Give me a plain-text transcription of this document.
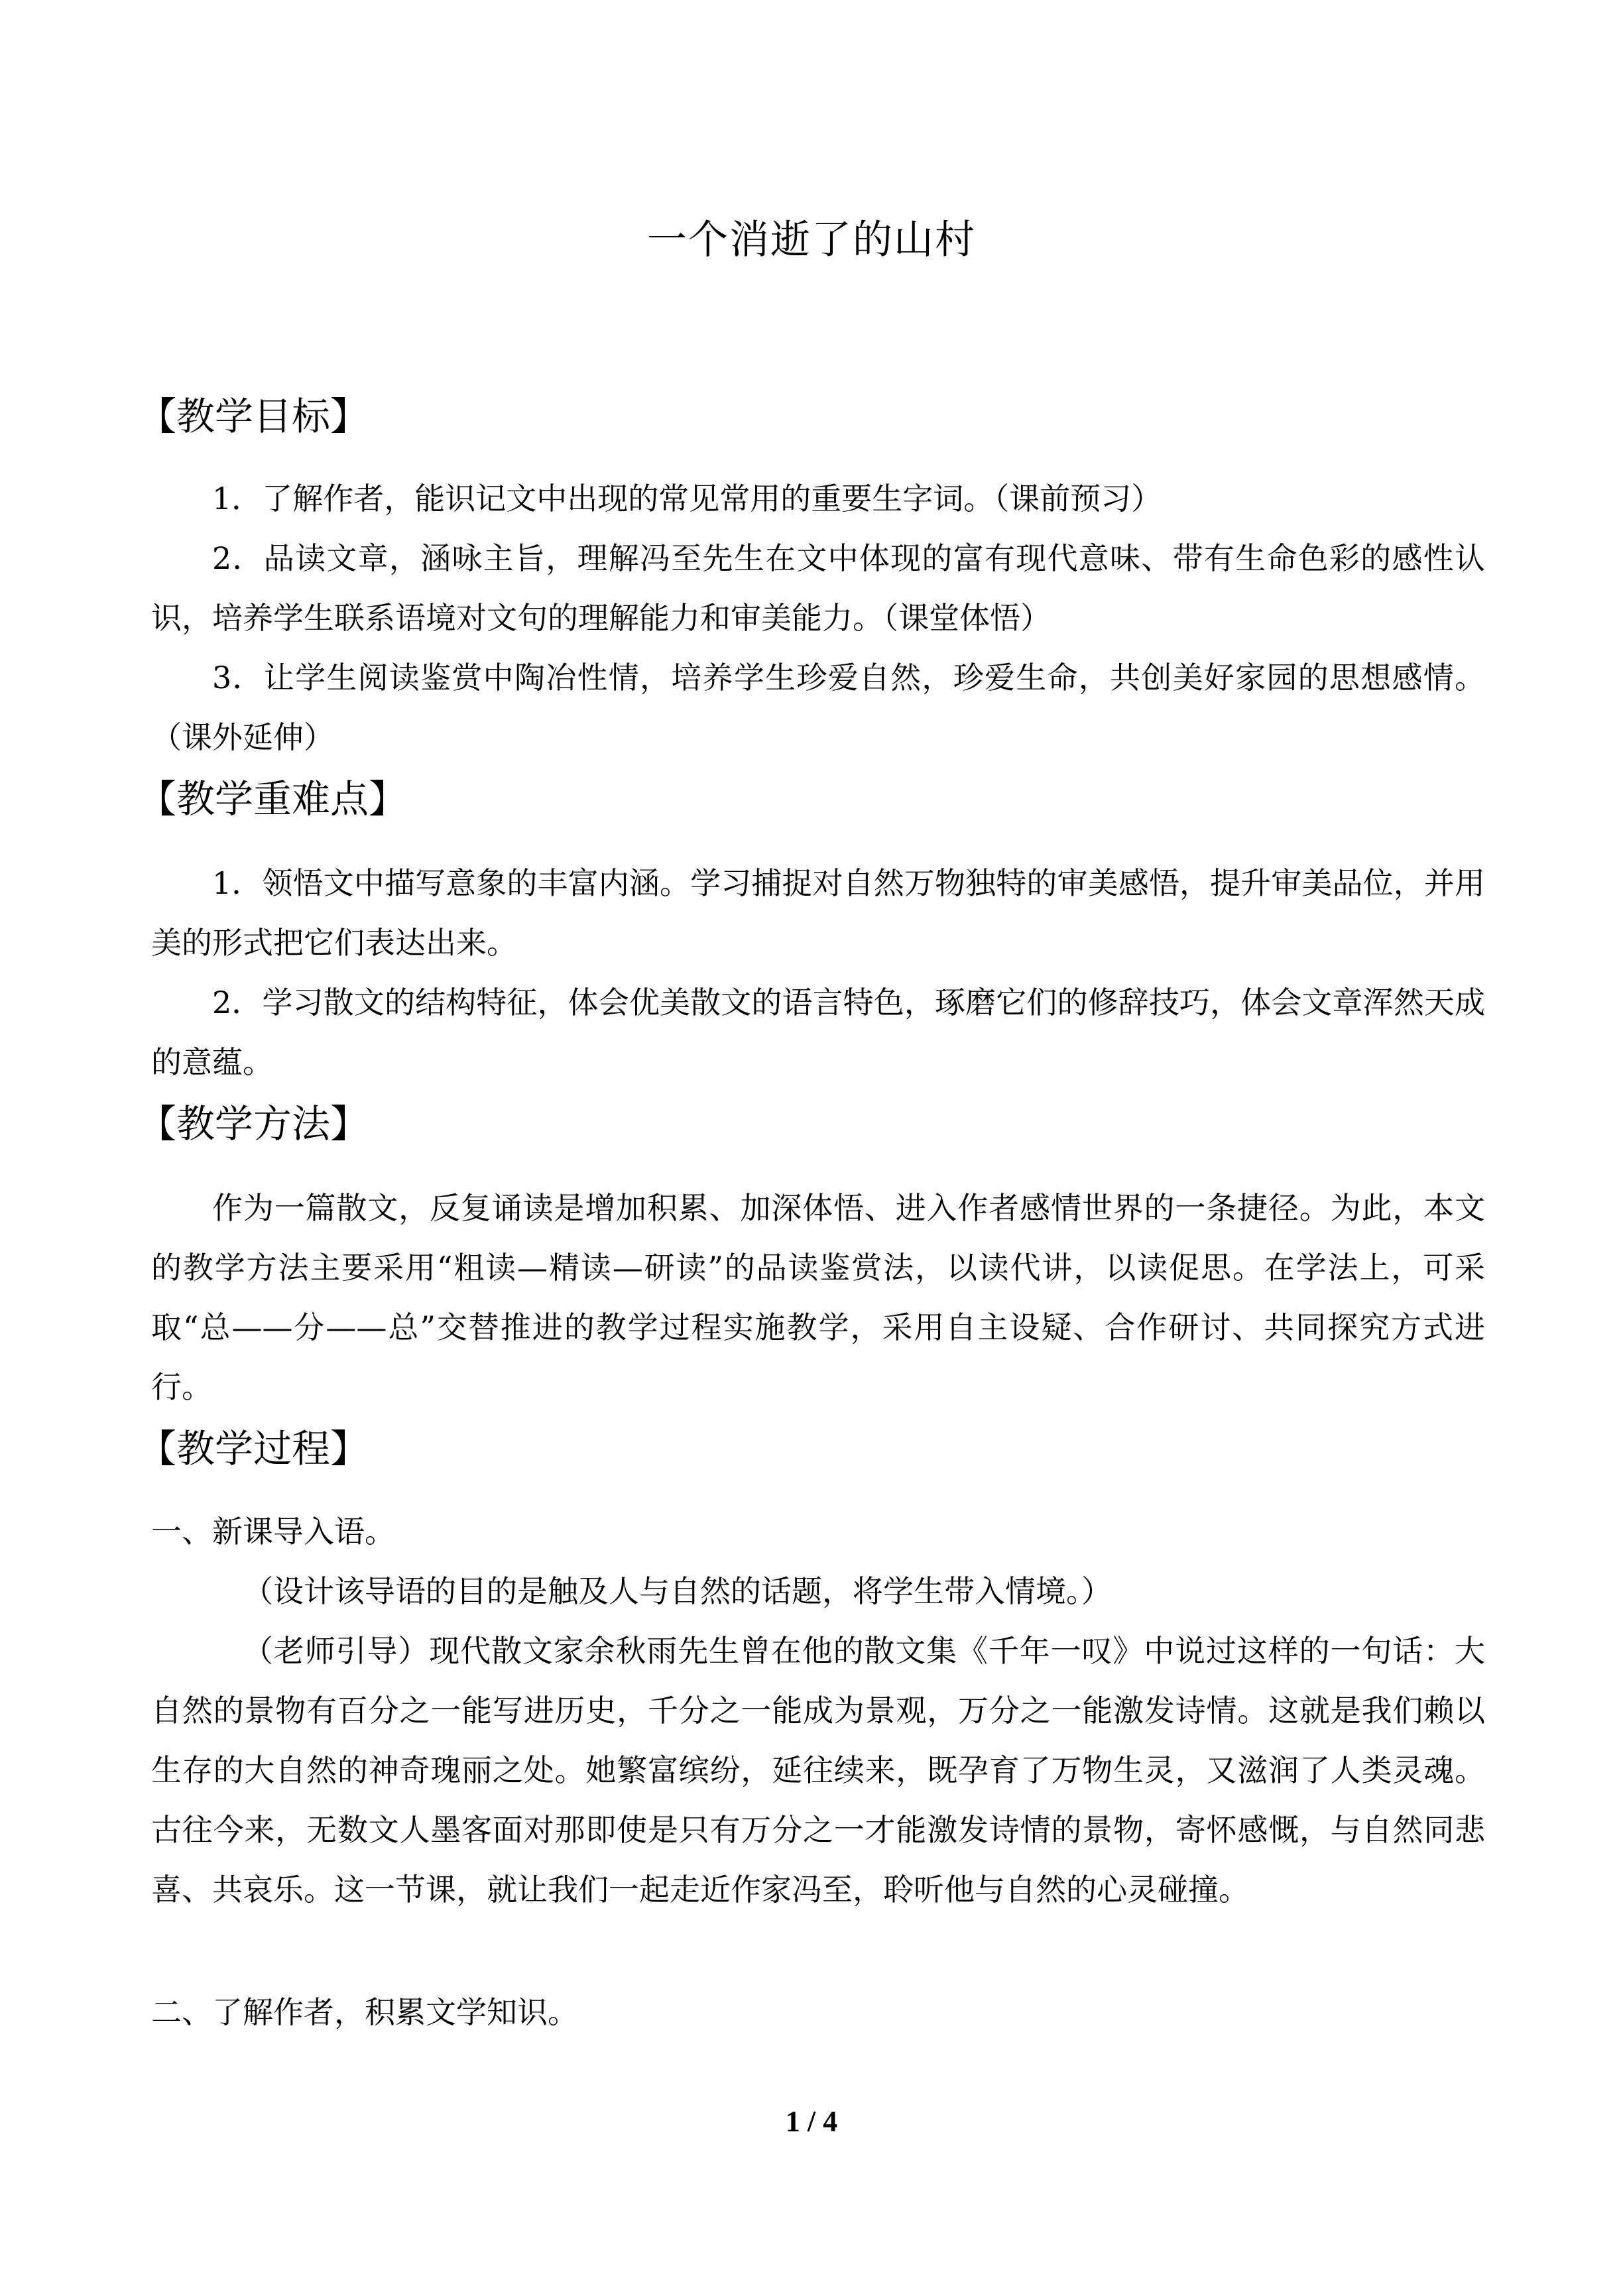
一个消逝了的山村
【教学目标】
1．了解作者，能识记文中出现的常见常用的重要生字词。（课前预习）
2．品读文章，涵咏主旨，理解冯至先生在文中体现的富有现代意味、带有生命色彩的感性认识，培养学生联系语境对文句的理解能力和审美能力。（课堂体悟）
3．让学生阅读鉴赏中陶冶性情，培养学生珍爱自然，珍爱生命，共创美好家园的思想感情。（课外延伸）
【教学重难点】
1．领悟文中描写意象的丰富内涵。学习捕捉对自然万物独特的审美感悟，提升审美品位，并用美的形式把它们表达出来。
2．学习散文的结构特征，体会优美散文的语言特色，琢磨它们的修辞技巧，体会文章浑然天成的意蕴。
【教学方法】
作为一篇散文，反复诵读是增加积累、加深体悟、进入作者感情世界的一条捷径。为此，本文的教学方法主要采用“粗读—精读—研读”的品读鉴赏法，以读代讲，以读促思。在学法上，可采取“总——分——总”交替推进的教学过程实施教学，采用自主设疑、合作研讨、共同探究方式进行。
【教学过程】
一、新课导入语。
（设计该导语的目的是触及人与自然的话题，将学生带入情境。）
（老师引导）现代散文家余秋雨先生曾在他的散文集《千年一叹》中说过这样的一句话：大自然的景物有百分之一能写进历史，千分之一能成为景观，万分之一能激发诗情。这就是我们赖以生存的大自然的神奇瑰丽之处。她繁富缤纷，延往续来，既孕育了万物生灵，又滋润了人类灵魂。古往今来，无数文人墨客面对那即使是只有万分之一才能激发诗情的景物，寄怀感慨，与自然同悲喜、共哀乐。这一节课，就让我们一起走近作家冯至，聆听他与自然的心灵碰撞。
二、了解作者，积累文学知识。
1 / 4
